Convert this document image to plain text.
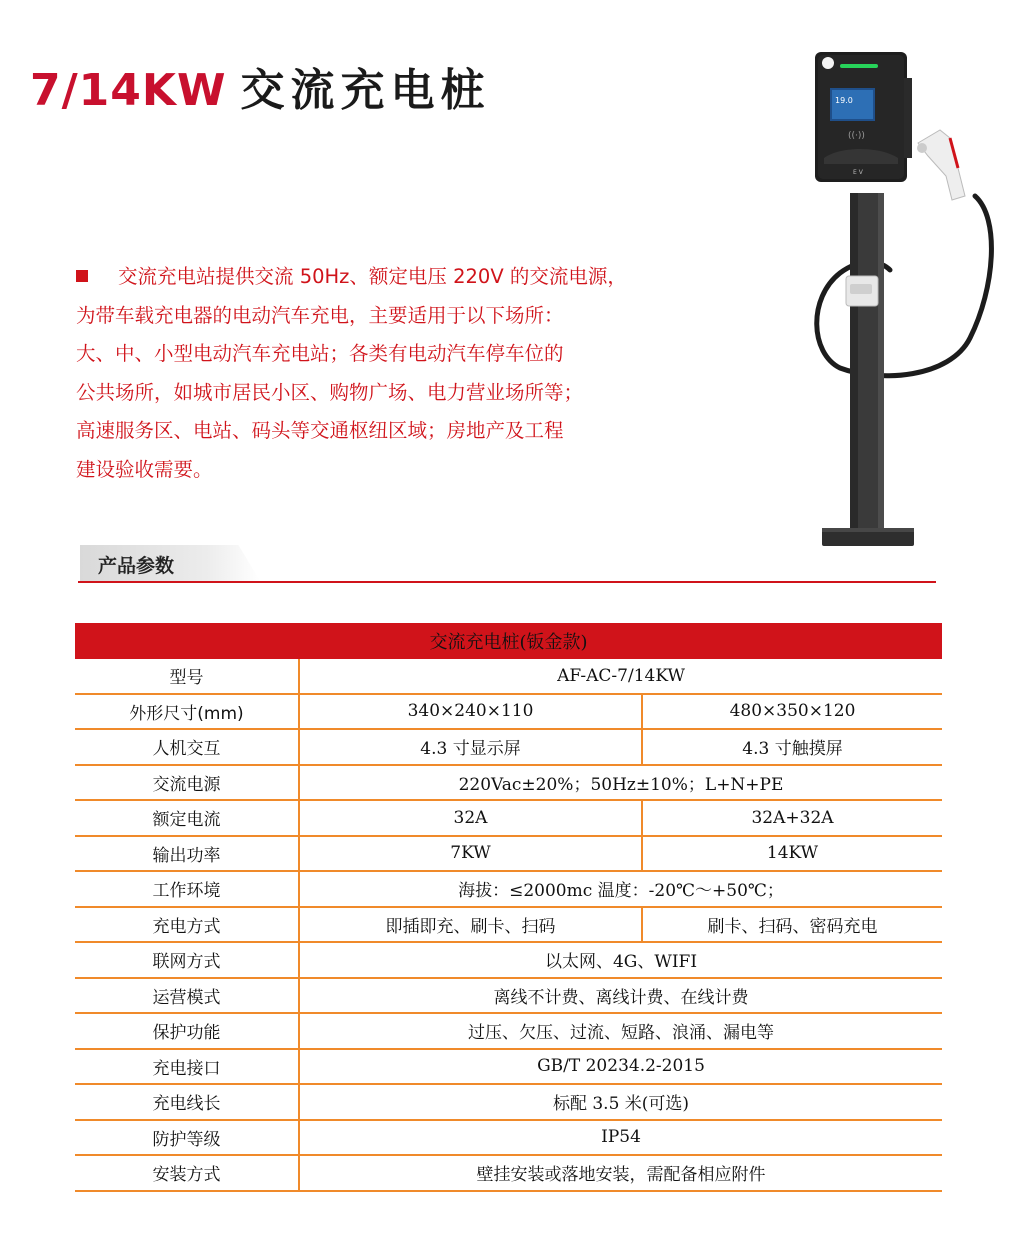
7/14KW 交流充电桩
交流充电站提供交流 50Hz、额定电压 220V 的交流电源，
为带车载充电器的电动汽车充电，主要适用于以下场所：
大、中、小型电动汽车充电站；各类有电动汽车停车位的
公共场所，如城市居民小区、购物广场、电力营业场所等；
高速服务区、电站、码头等交通枢纽区域；房地产及工程
建设验收需要。
19.0
((·))
E V
产品参数
交流充电桩(钣金款)		
型号	AF-AC-7/14KW	
外形尺寸(mm)	340×240×110	480×350×120
人机交互	4.3 寸显示屏	4.3 寸触摸屏
交流电源	220Vac±20%；50Hz±10%；L+N+PE	
额定电流	32A	32A+32A
输出功率	7KW	14KW
工作环境	海拔：≤2000mc 温度：-20℃～+50℃；	
充电方式	即插即充、刷卡、扫码	刷卡、扫码、密码充电
联网方式	以太网、4G、WIFI	
运营模式	离线不计费、离线计费、在线计费	
保护功能	过压、欠压、过流、短路、浪涌、漏电等	
充电接口	GB/T 20234.2-2015	
充电线长	标配 3.5 米(可选)	
防护等级	IP54	
安装方式	壁挂安装或落地安装，需配备相应附件	
